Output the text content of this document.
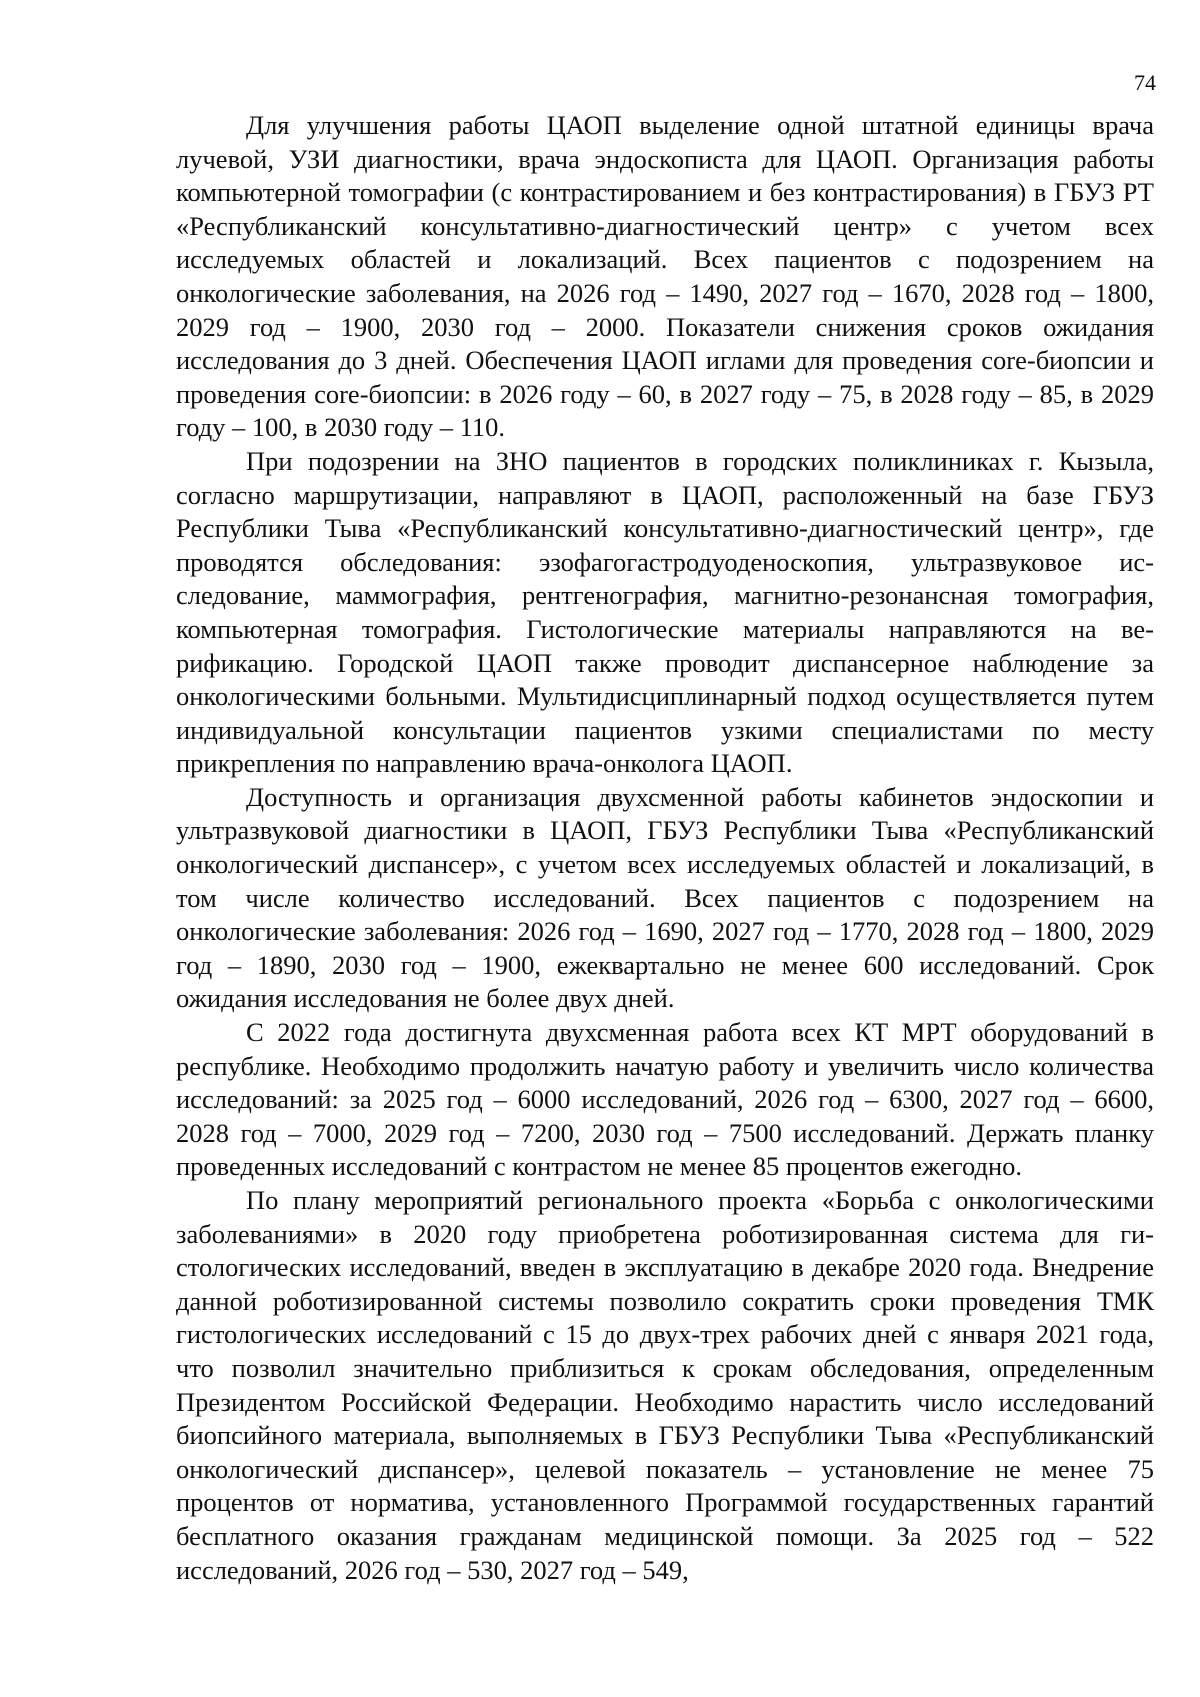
74

Для улучшения работы ЦАОП выделение одной штатной единицы врача лучевой, УЗИ диагностики, врача эндоскописта для ЦАОП. Организация работы компьютерной томографии (с контрастированием и без контрастирования) в ГБУЗ РТ «Республиканский консультативно-диагностический центр» с учетом всех исследуемых областей и локализаций. Всех пациентов с подозрением на онкологические заболевания, на 2026 год – 1490, 2027 год – 1670, 2028 год – 1800, 2029 год – 1900, 2030 год – 2000. Показатели снижения сроков ожидания исследования до 3 дней. Обеспечения ЦАОП иглами для проведения core-биопсии и проведения core-биопсии: в 2026 году – 60, в 2027 году – 75, в 2028 году – 85, в 2029 году – 100, в 2030 году – 110.

При подозрении на ЗНО пациентов в городских поликлиниках г. Кызыла, согласно маршрутизации, направляют в ЦАОП, расположенный на базе ГБУЗ Республики Тыва «Республиканский консультативно-диагностический центр», где проводятся обследования: эзофагогастродуоденоскопия, ультразвуковое исследование, маммография, рентгенография, магнитно-резонансная томография, компьютерная томография. Гистологические материалы направляются на верификацию. Городской ЦАОП также проводит диспансерное наблюдение за онкологическими больными. Мультидисциплинарный подход осуществляется путем индивидуальной консультации пациентов узкими специалистами по месту прикрепления по направлению врача-онколога ЦАОП.

Доступность и организация двухсменной работы кабинетов эндоскопии и ультразвуковой диагностики в ЦАОП, ГБУЗ Республики Тыва «Республиканский онкологический диспансер», с учетом всех исследуемых областей и локализаций, в том числе количество исследований. Всех пациентов с подозрением на онкологические заболевания: 2026 год – 1690, 2027 год – 1770, 2028 год – 1800, 2029 год – 1890, 2030 год – 1900, ежеквартально не менее 600 исследований. Срок ожидания исследования не более двух дней.

С 2022 года достигнута двухсменная работа всех КТ МРТ оборудований в республике. Необходимо продолжить начатую работу и увеличить число количества исследований: за 2025 год – 6000 исследований, 2026 год – 6300, 2027 год – 6600, 2028 год – 7000, 2029 год – 7200, 2030 год – 7500 исследований. Держать планку проведенных исследований с контрастом не менее 85 процентов ежегодно.

По плану мероприятий регионального проекта «Борьба с онкологическими заболеваниями» в 2020 году приобретена роботизированная система для гистологических исследований, введен в эксплуатацию в декабре 2020 года. Внедрение данной роботизированной системы позволило сократить сроки проведения ТМК гистологических исследований с 15 до двух-трех рабочих дней с января 2021 года, что позволил значительно приблизиться к срокам обследования, определенным Президентом Российской Федерации. Необходимо нарастить число исследований биопсийного материала, выполняемых в ГБУЗ Республики Тыва «Республиканский онкологический диспансер», целевой показатель – установление не менее 75 процентов от норматива, установленного Программой государственных гарантий бесплатного оказания гражданам медицинской помощи. За 2025 год – 522 исследований, 2026 год – 530, 2027 год – 549,
